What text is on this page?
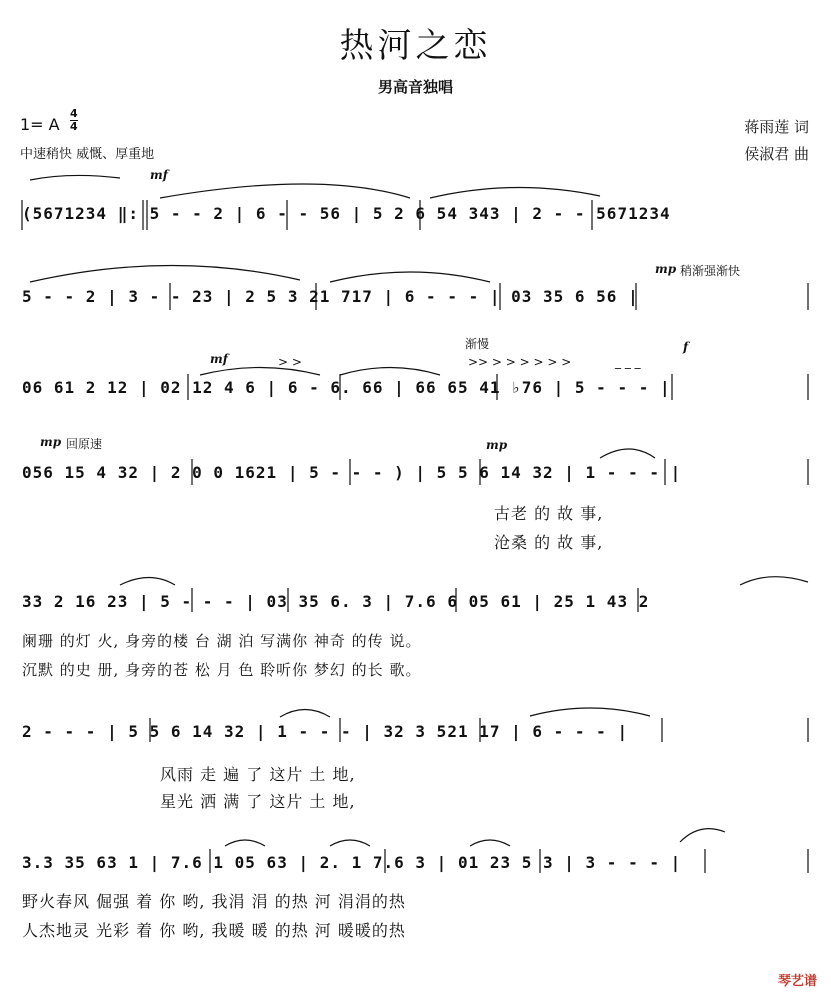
热河之恋
男高音独唱
1= A
4
4
中速稍快 威慨、厚重地
蒋雨莲 词
侯淑君 曲
mf
(5671234 ‖: 5 - - 2 | 6 - - 56 | 5 2 6 54 343 | 2 - - 5671234
mp 稍渐强渐快
5 - - 2 | 3 - - 23 | 2 5 3 21 717 | 6 - - - | 03 35 6 56 |
渐慢
mf	> >	>> > > > > > >	_ _ _
f
06 61 2 12 | 02 12 4 6 | 6 - 6. 66 | 66 65 41 ♭76 | 5 - - - |
mp 回原速	mp
056 15 4 32 | 2 0 0 1621 | 5 - - - ) | 5 5 6 14 32 | 1 - - - |
古老 的 故 事,
沧桑 的 故 事,
33 2 16 23 | 5 - - - | 03 35 6. 3 | 7.6 6 05 61 | 25 1 43 2
阑珊 的灯 火, 身旁的楼 台 湖 泊 写满你 神奇 的传 说。
沉默 的史 册, 身旁的苍 松 月 色 聆听你 梦幻 的长 歌。
2 - - - | 5 5 6 14 32 | 1 - - - | 32 3 521 17 | 6 - - - |
风雨 走 遍 了 这片 土 地,
星光 洒 满 了 这片 土 地,
3.3 35 63 1 | 7.6 1 05 63 | 2. 1 7.6 3 | 01 23 5 3 | 3 - - - |
野火春风 倔强 着 你 哟, 我涓 涓 的热 河 涓涓的热
人杰地灵 光彩 着 你 哟, 我暖 暖 的热 河 暖暖的热
琴艺谱
